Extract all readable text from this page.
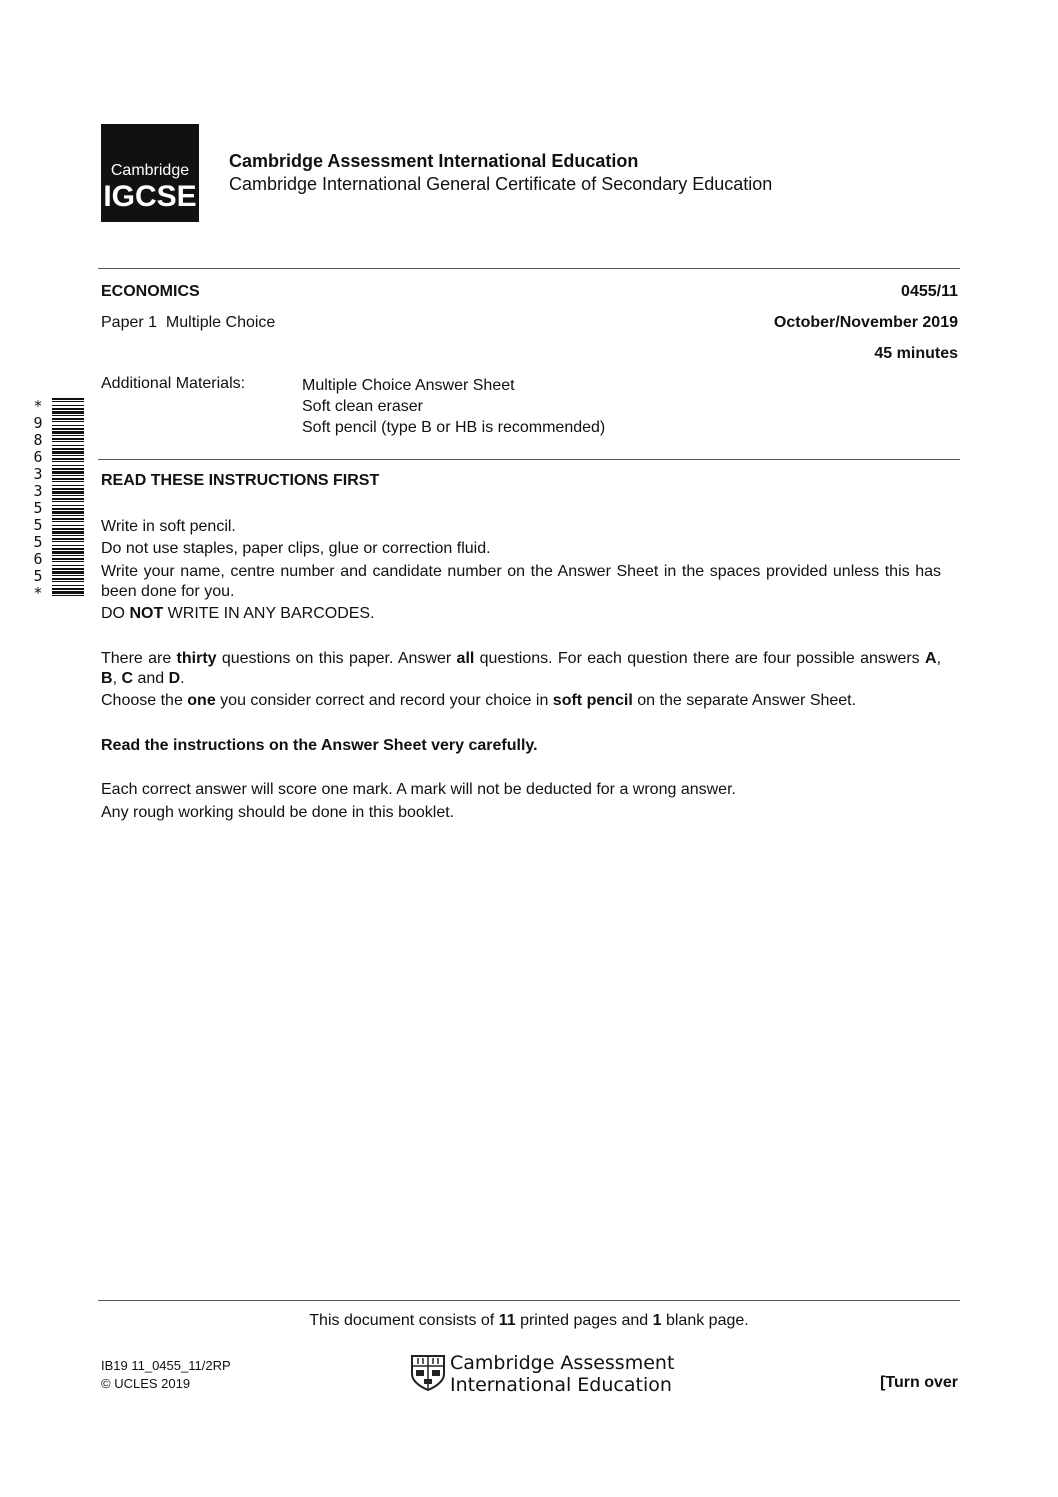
Cambridge
IGCSE
Cambridge Assessment International Education
Cambridge International General Certificate of Secondary Education
ECONOMICS	0455/11
Paper 1  Multiple Choice	October/November 2019
45 minutes
Additional Materials:	Multiple Choice Answer Sheet
Soft clean eraser
Soft pencil (type B or HB is recommended)
*
9
8
6
3
3
5
5
5
6
5
*
READ THESE INSTRUCTIONS FIRST
Write in soft pencil.
Do not use staples, paper clips, glue or correction fluid.
Write your name, centre number and candidate number on the Answer Sheet in the spaces provided unless this has been done for you.
DO NOT WRITE IN ANY BARCODES.
There are thirty questions on this paper. Answer all questions. For each question there are four possible answers A, B, C and D.
Choose the one you consider correct and record your choice in soft pencil on the separate Answer Sheet.
Read the instructions on the Answer Sheet very carefully.
Each correct answer will score one mark. A mark will not be deducted for a wrong answer.
Any rough working should be done in this booklet.
This document consists of 11 printed pages and 1 blank page.
IB19 11_0455_11/2RP
© UCLES 2019
Cambridge Assessment
International Education	[Turn over
